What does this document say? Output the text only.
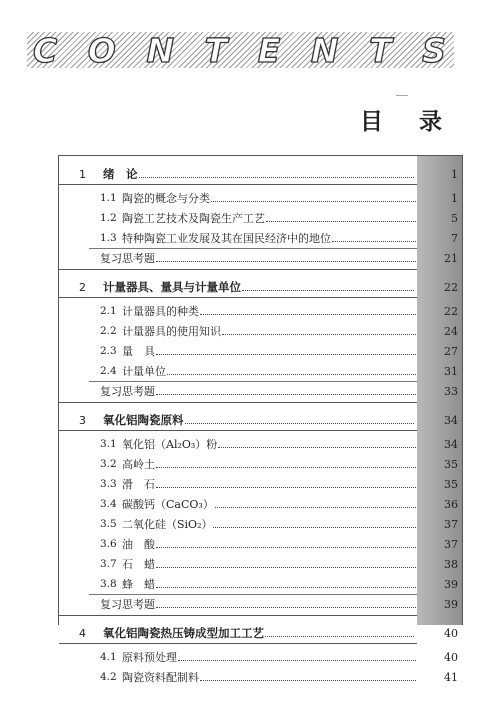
C O N T E N T S
目 录
1	绪　论	1
1.1 陶瓷的概念与分类	1
1.2 陶瓷工艺技术及陶瓷生产工艺	5
1.3 特种陶瓷工业发展及其在国民经济中的地位	7
复习思考题	21
2	计量器具、量具与计量单位	22
2.1 计量器具的种类	22
2.2 计量器具的使用知识	24
2.3 量　具	27
2.4 计量单位	31
复习思考题	33
3	氧化铝陶瓷原料	34
3.1 氧化铝（Al₂O₃）粉	34
3.2 高岭土	35
3.3 滑　石	35
3.4 碳酸钙（CaCO₃）	36
3.5 二氧化硅（SiO₂）	37
3.6 油　酸	37
3.7 石　蜡	38
3.8 蜂　蜡	39
复习思考题	39
4	氧化铝陶瓷热压铸成型加工工艺	40
4.1 原料预处理	40
4.2 陶瓷资料配制料	41
